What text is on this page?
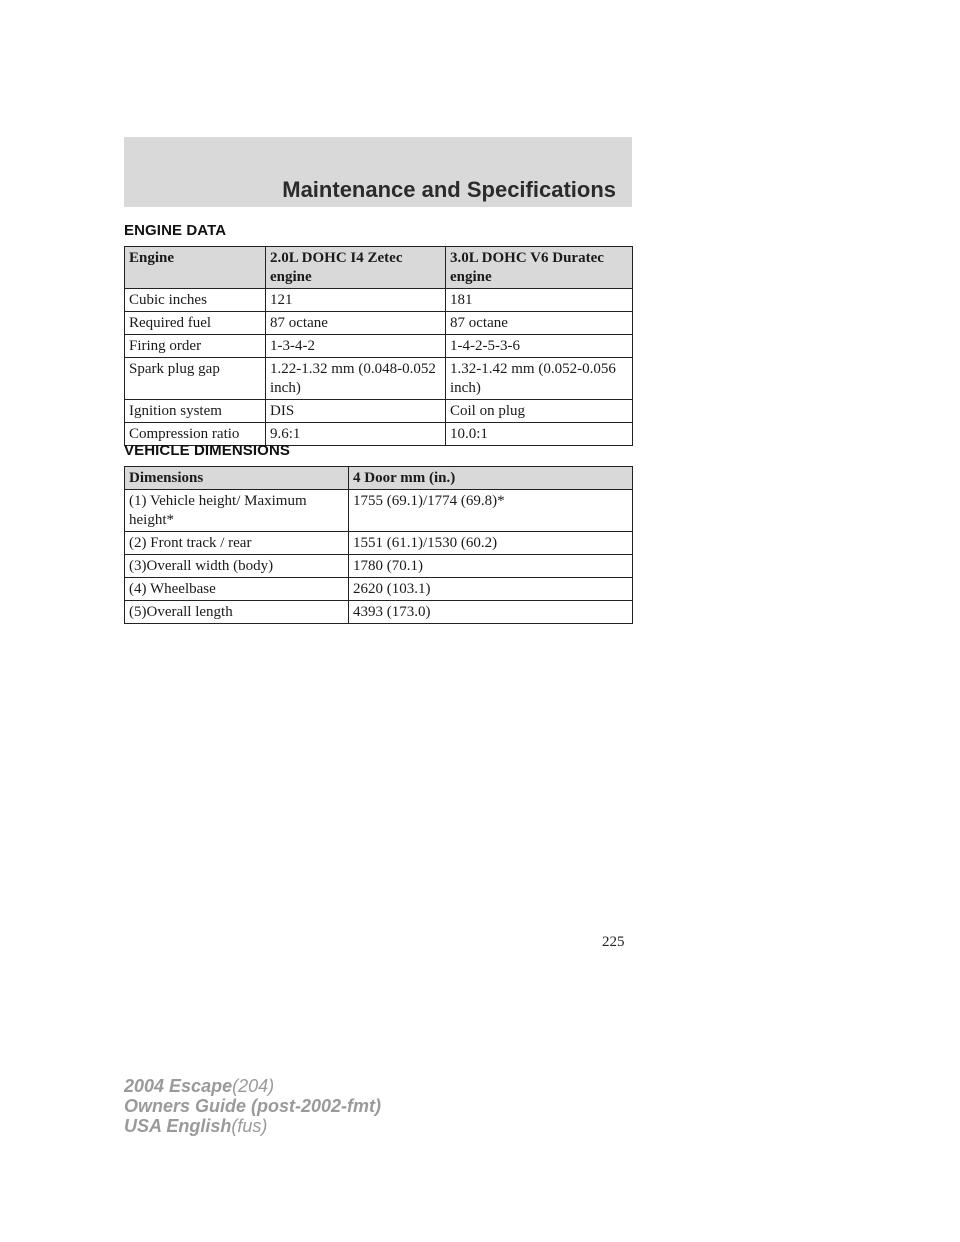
Maintenance and Specifications
ENGINE DATA
Engine	2.0L DOHC I4 Zetec engine	3.0L DOHC V6 Duratec engine
Cubic inches	121	181
Required fuel	87 octane	87 octane
Firing order	1-3-4-2	1-4-2-5-3-6
Spark plug gap	1.22-1.32 mm (0.048-0.052 inch)	1.32-1.42 mm (0.052-0.056 inch)
Ignition system	DIS	Coil on plug
Compression ratio	9.6:1	10.0:1
VEHICLE DIMENSIONS
Dimensions	4 Door mm (in.)
(1) Vehicle height/ Maximum height*	1755 (69.1)/1774 (69.8)*
(2) Front track / rear	1551 (61.1)/1530 (60.2)
(3)Overall width (body)	1780 (70.1)
(4) Wheelbase	2620 (103.1)
(5)Overall length	4393 (173.0)
225
2004 Escape(204)
Owners Guide (post-2002-fmt)
USA English(fus)
